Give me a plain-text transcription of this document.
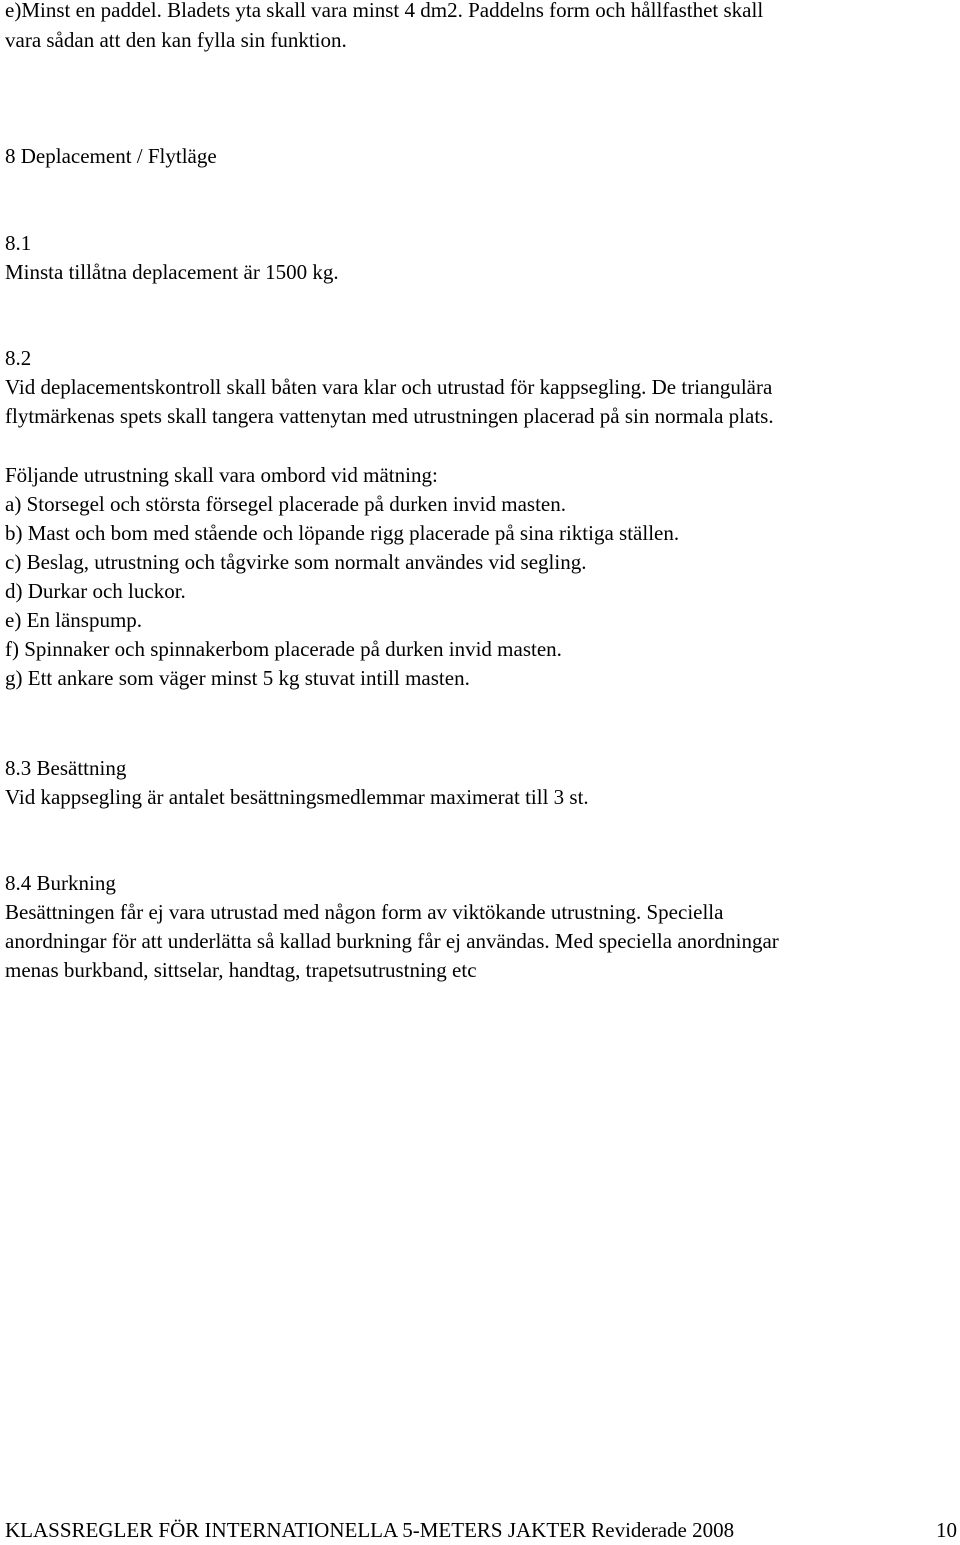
e)Minst en paddel. Bladets yta skall vara minst 4 dm2. Paddelns form och hållfasthet skall
vara sådan att den kan fylla sin funktion.
8 Deplacement / Flytläge
8.1
Minsta tillåtna deplacement är 1500 kg.
8.2
Vid deplacementskontroll skall båten vara klar och utrustad för kappsegling. De triangulära
flytmärkenas spets skall tangera vattenytan med utrustningen placerad på sin normala plats.
Följande utrustning skall vara ombord vid mätning:
a) Storsegel och största försegel placerade på durken invid masten.
b) Mast och bom med stående och löpande rigg placerade på sina riktiga ställen.
c) Beslag, utrustning och tågvirke som normalt användes vid segling.
d) Durkar och luckor.
e) En länspump.
f) Spinnaker och spinnakerbom placerade på durken invid masten.
g) Ett ankare som väger minst 5 kg stuvat intill masten.
8.3 Besättning
Vid kappsegling är antalet besättningsmedlemmar maximerat till 3 st.
8.4 Burkning
Besättningen får ej vara utrustad med någon form av viktökande utrustning. Speciella
anordningar för att underlätta så kallad burkning får ej användas. Med speciella anordningar
menas burkband, sittselar, handtag, trapetsutrustning etc
KLASSREGLER FÖR INTERNATIONELLA 5-METERS JAKTER Reviderade 2008	10
